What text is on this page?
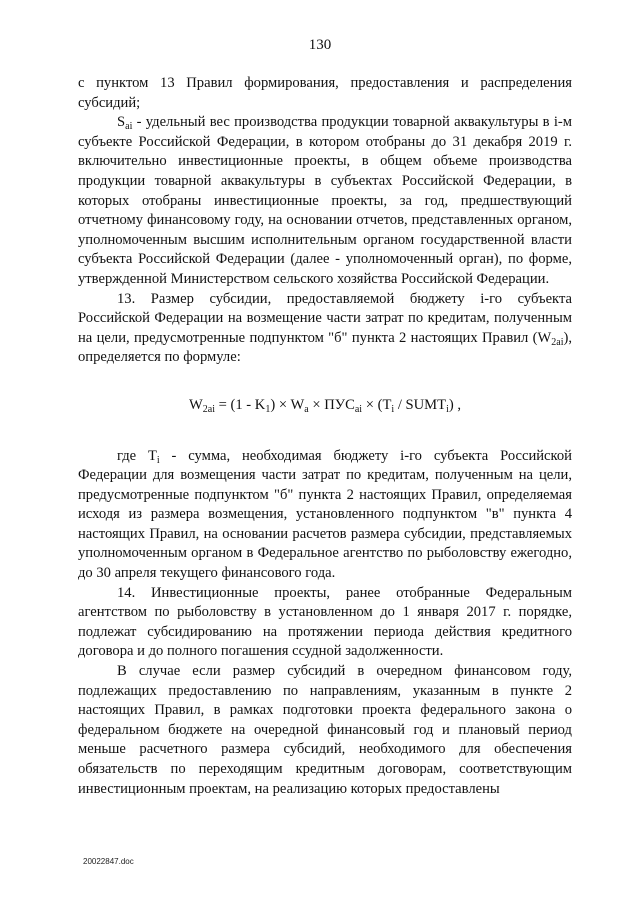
130

с пунктом 13 Правил формирования, предоставления и распределения субсидий;

$S_{ai}$ - удельный вес производства продукции товарной аквакультуры в i-м субъекте Российской Федерации, в котором отобраны до 31 декабря 2019 г. включительно инвестиционные проекты, в общем объеме производства продукции товарной аквакультуры в субъектах Российской Федерации, в которых отобраны инвестиционные проекты, за год, предшествующий отчетному финансовому году, на основании отчетов, представленных органом, уполномоченным высшим исполнительным органом государственной власти субъекта Российской Федерации (далее - уполномоченный орган), по форме, утвержденной Министерством сельского хозяйства Российской Федерации.

13. Размер субсидии, предоставляемой бюджету i-го субъекта Российской Федерации на возмещение части затрат по кредитам, полученным на цели, предусмотренные подпунктом "б" пункта 2 настоящих Правил $(W_{2ai})$, определяется по формуле:

$W_{2ai} = (1 - K_1) \times W_a \times ПУС_{ai} \times (T_i$ / $SUMT_i$) ,

где $T_i$ - сумма, необходимая бюджету i-го субъекта Российской Федерации для возмещения части затрат по кредитам, полученным на цели, предусмотренные подпунктом "б" пункта 2 настоящих Правил, определяемая исходя из размера возмещения, установленного подпунктом "в" пункта 4 настоящих Правил, на основании расчетов размера субсидии, представляемых уполномоченным органом в Федеральное агентство по рыболовству ежегодно, до 30 апреля текущего финансового года.

14. Инвестиционные проекты, ранее отобранные Федеральным агентством по рыболовству в установленном до 1 января 2017 г. порядке, подлежат субсидированию на протяжении периода действия кредитного договора и до полного погашения ссудной задолженности.

В случае если размер субсидий в очередном финансовом году, подлежащих предоставлению по направлениям, указанным в пункте 2 настоящих Правил, в рамках подготовки проекта федерального закона о федеральном бюджете на очередной финансовый год и плановый период меньше расчетного размера субсидий, необходимого для обеспечения обязательств по переходящим кредитным договорам, соответствующим инвестиционным проектам, на реализацию которых предоставлены

20022847.doc
